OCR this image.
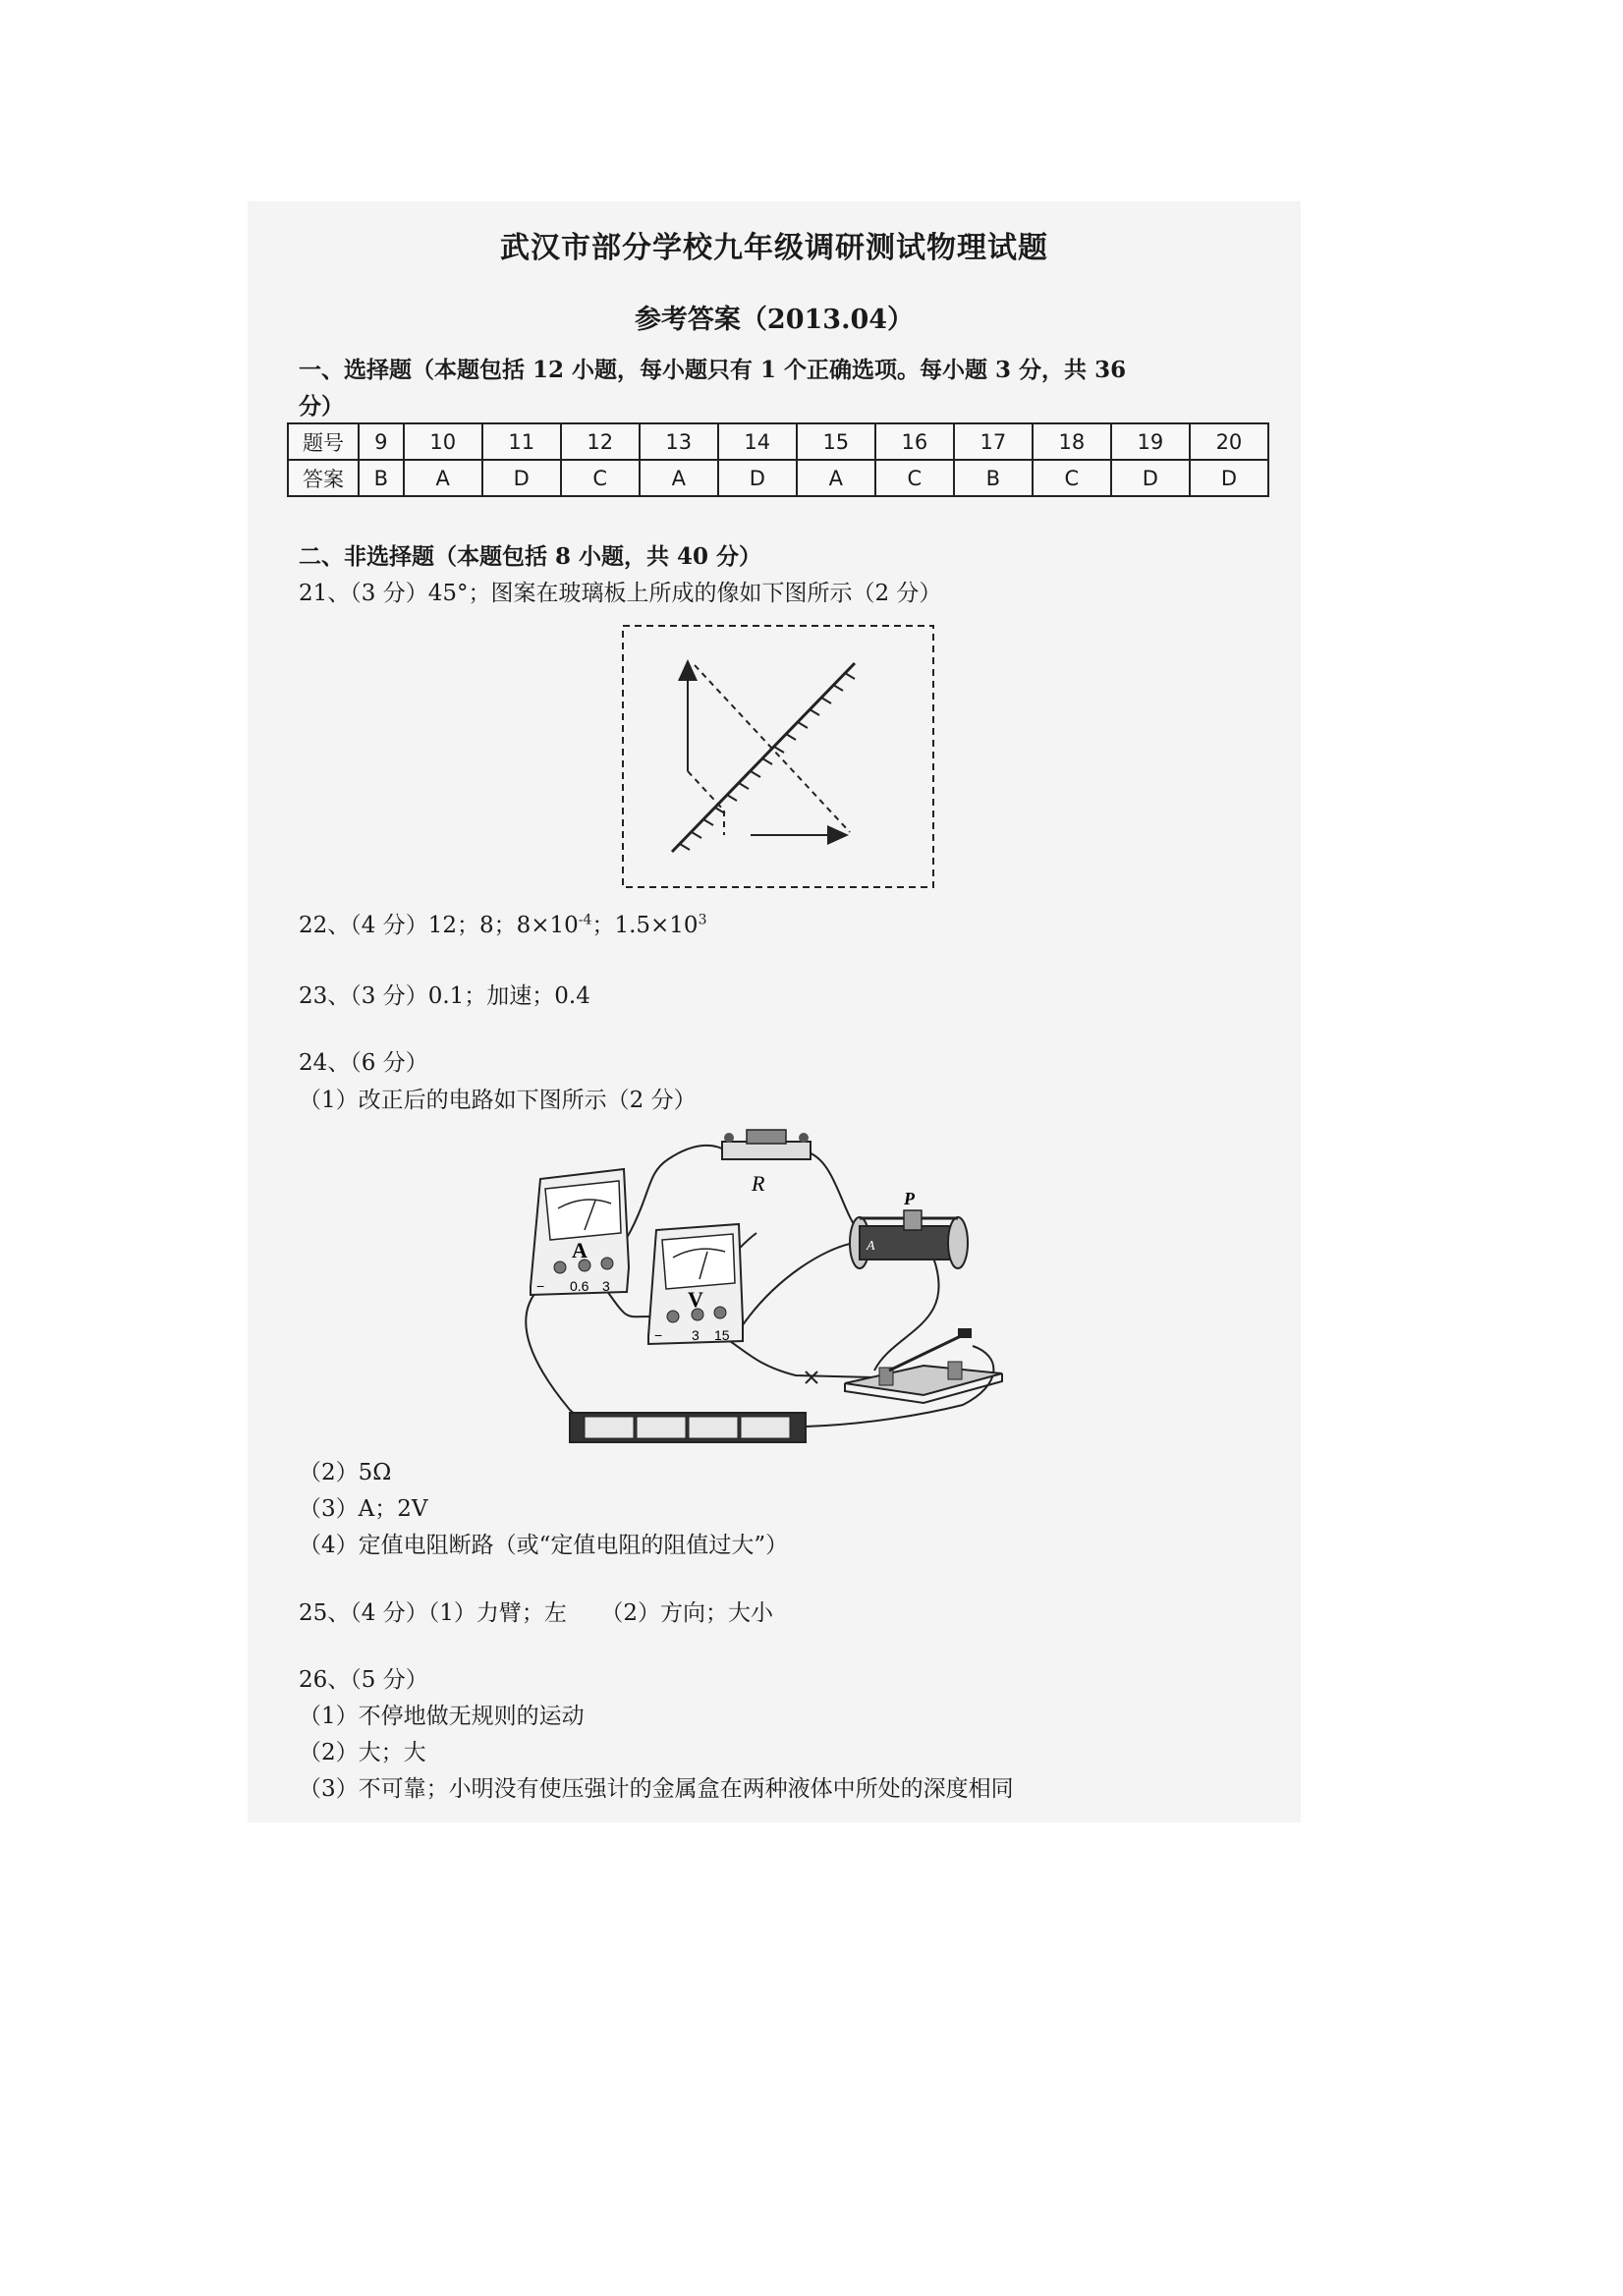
武汉市部分学校九年级调研测试物理试题
参考答案（2013.04）
一、选择题（本题包括 12 小题，每小题只有 1 个正确选项。每小题 3 分，共 36
分）
题号	9	10	11	12	13	14	15	16	17	18	19	20
答案	B	A	D	C	A	D	A	C	B	C	D	D
二、非选择题（本题包括 8 小题，共 40 分）
21、（3 分）45°；图案在玻璃板上所成的像如下图所示（2 分）
22、（4 分）12；8；$8\times 10^{-4}$；$1.5\times 10^3$
23、（3 分）0.1；加速；0.4
24、（6 分）
（1）改正后的电路如下图所示（2 分）
R
A
− 0.6 3
V
− 3 15
P
A
（2）5Ω
（3）A；2V
（4）定值电阻断路（或“定值电阻的阻值过大”）
25、（4 分）（1）力臂；左　　（2）方向；大小
26、（5 分）
（1）不停地做无规则的运动
（2）大；大
（3）不可靠；小明没有使压强计的金属盒在两种液体中所处的深度相同
